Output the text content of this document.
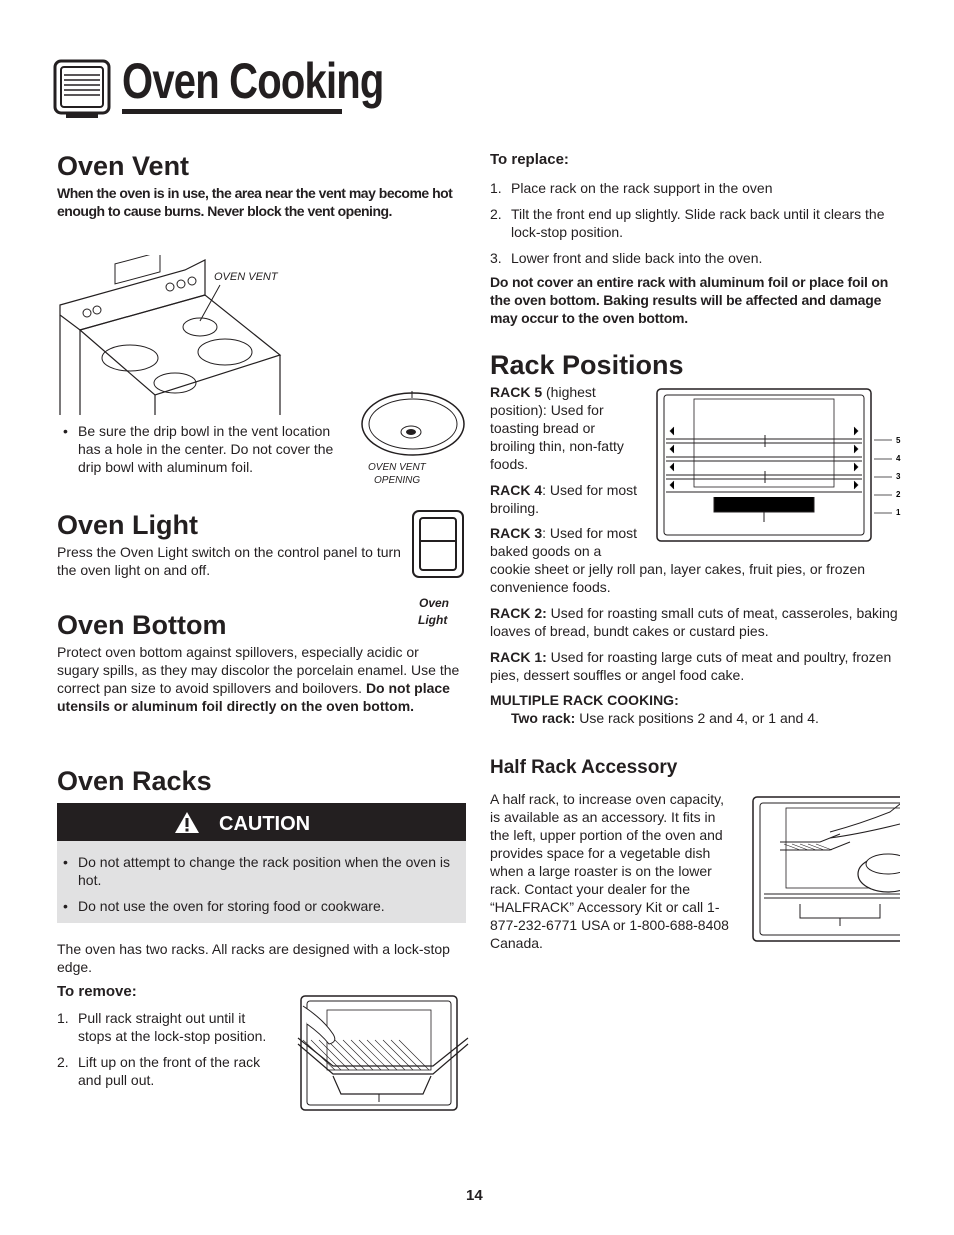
Oven Cooking
Oven Vent
When the oven is in use, the area near the vent may become hot enough to cause burns. Never block the vent opening.
OVEN VENT
• Be sure the drip bowl in the vent location has a hole in the center. Do not cover the drip bowl with aluminum foil.	OVEN VENT
OPENING
Oven Light
Press the Oven Light switch on the control panel to turn the oven light on and off.
Oven
Light
Oven Bottom
Protect oven bottom against spillovers, especially acidic or sugary spills, as they may discolor the porcelain enamel. Use the correct pan size to avoid spillovers and boilovers. Do not place utensils or aluminum foil directly on the oven bottom.
Oven Racks
CAUTION
• Do not attempt to change the rack position when the oven is hot.
• Do not use the oven for storing food or cookware.
The oven has two racks. All racks are designed with a lock-stop edge.
To remove:
1. Pull rack straight out until it stops at the lock-stop position.
2. Lift up on the front of the rack and pull out.
To replace:
1. Place rack on the rack support in the oven
2. Tilt the front end up slightly. Slide rack back until it clears the lock-stop position.
3. Lower front and slide back into the oven.
Do not cover an entire rack with aluminum foil or place foil on the oven bottom. Baking results will be affected and damage may occur to the oven bottom.
Rack Positions
RACK 5 (highest position): Used for toasting bread or broiling thin, non-fatty foods.
RACK 4: Used for most broiling.
RACK 3: Used for most baked goods on a
cookie sheet or jelly roll pan, layer cakes, fruit pies, or frozen convenience foods.
5
4
3
2
1
RACK 2: Used for roasting small cuts of meat, casseroles, baking loaves of bread, bundt cakes or custard pies.
RACK 1: Used for roasting large cuts of meat and poultry, frozen pies, dessert souffles or angel food cake.
MULTIPLE RACK COOKING:
Two rack: Use rack positions 2 and 4, or 1 and 4.
Half Rack Accessory
A half rack, to increase oven capacity, is available as an accessory. It fits in the left, upper portion of the oven and provides space for a vegetable dish when a large roaster is on the lower rack. Contact your dealer for the “HALFRACK” Accessory Kit or call 1-877-232-6771 USA or 1-800-688-8408 Canada.
14
